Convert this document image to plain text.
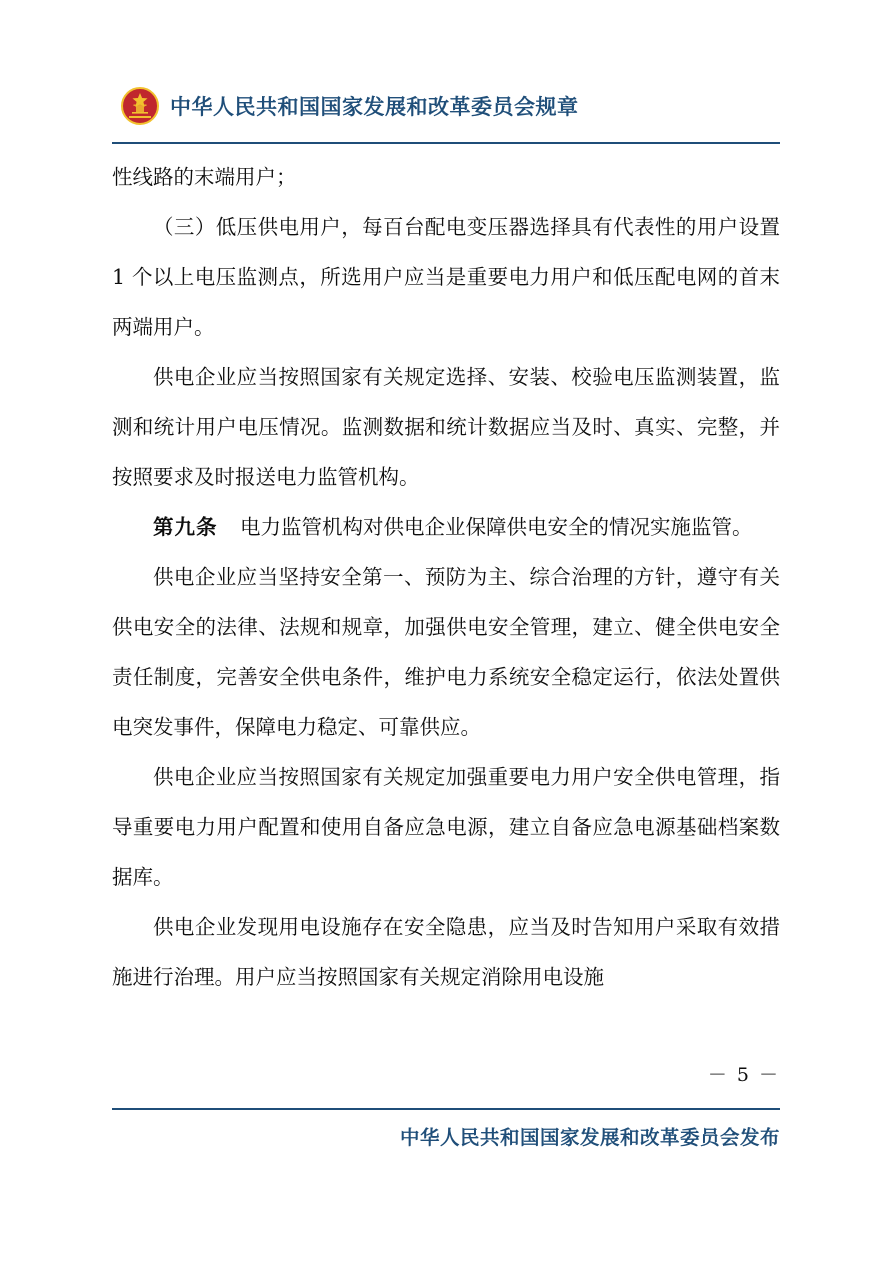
中华人民共和国国家发展和改革委员会规章

性线路的末端用户；

（三）低压供电用户，每百台配电变压器选择具有代表性的用户设置 1 个以上电压监测点，所选用户应当是重要电力用户和低压配电网的首末两端用户。

供电企业应当按照国家有关规定选择、安装、校验电压监测装置，监测和统计用户电压情况。监测数据和统计数据应当及时、真实、完整，并按照要求及时报送电力监管机构。

第九条 电力监管机构对供电企业保障供电安全的情况实施监管。

供电企业应当坚持安全第一、预防为主、综合治理的方针，遵守有关供电安全的法律、法规和规章，加强供电安全管理，建立、健全供电安全责任制度，完善安全供电条件，维护电力系统安全稳定运行，依法处置供电突发事件，保障电力稳定、可靠供应。

供电企业应当按照国家有关规定加强重要电力用户安全供电管理，指导重要电力用户配置和使用自备应急电源，建立自备应急电源基础档案数据库。

供电企业发现用电设施存在安全隐患，应当及时告知用户采取有效措施进行治理。用户应当按照国家有关规定消除用电设施

－ 5 －
中华人民共和国国家发展和改革委员会发布
